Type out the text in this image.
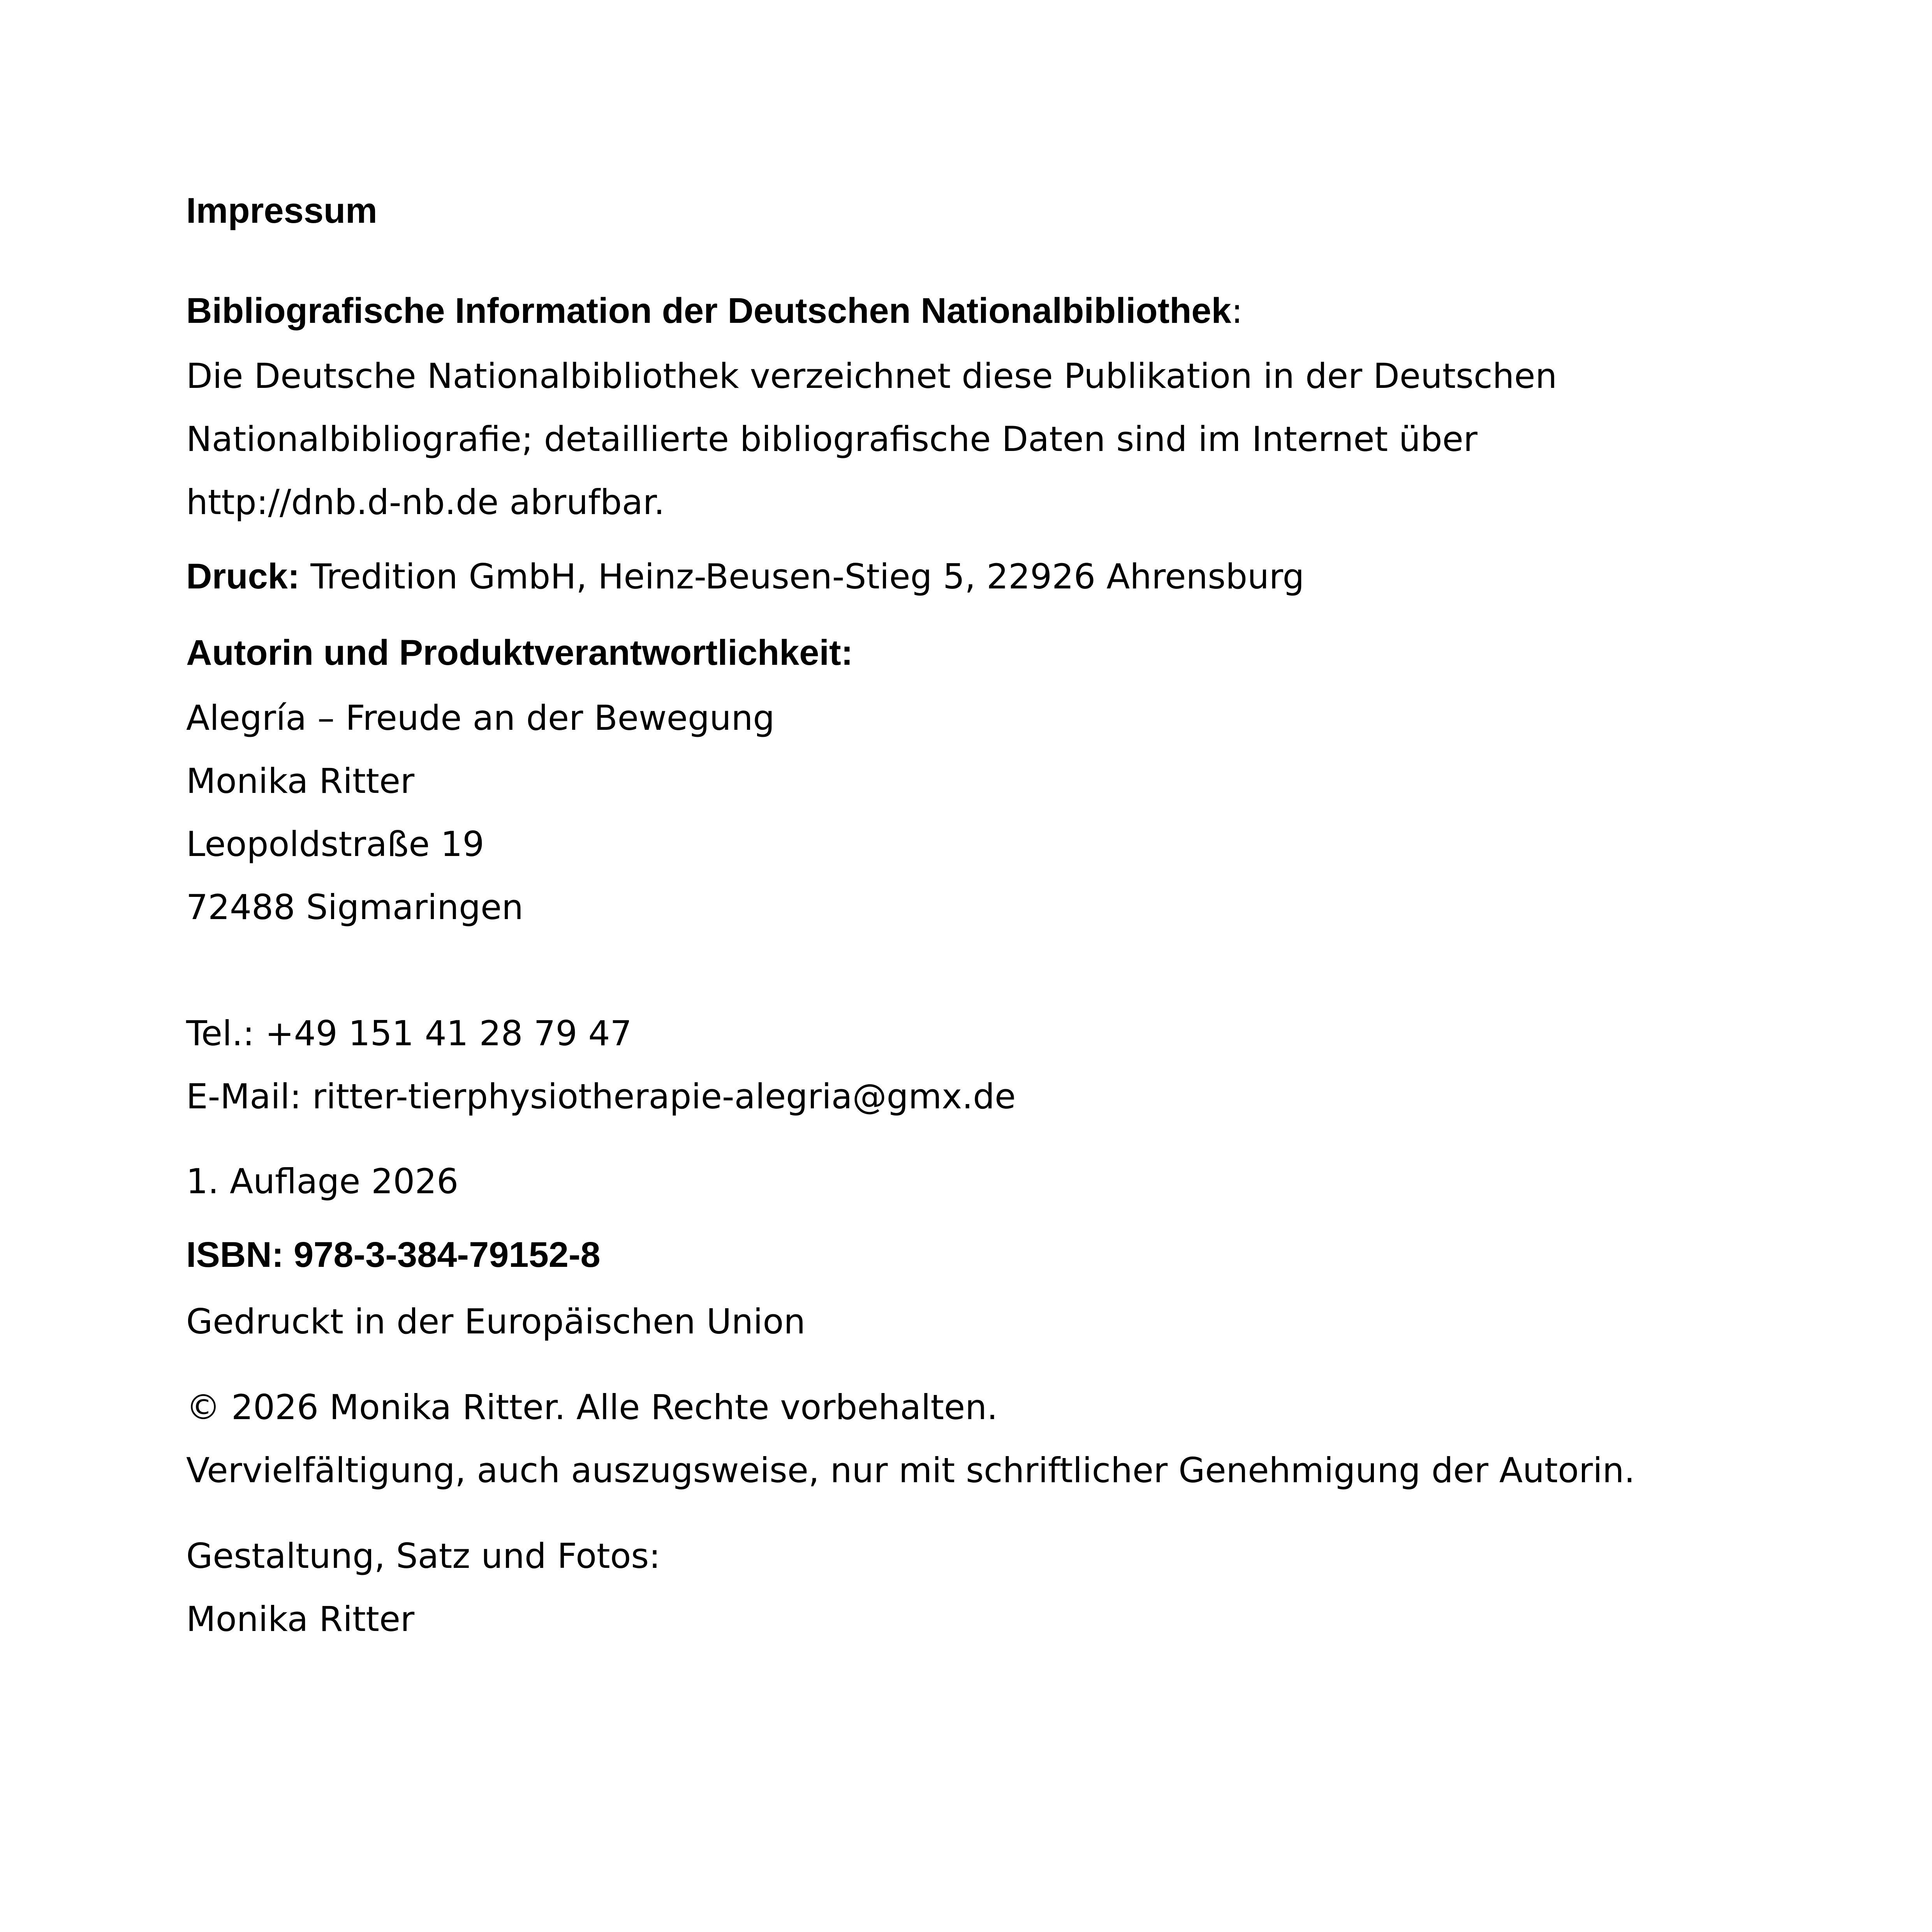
Impressum
Bibliografische Information der Deutschen Nationalbibliothek:
Die Deutsche Nationalbibliothek verzeichnet diese Publikation in der Deutschen
Nationalbibliografie; detaillierte bibliografische Daten sind im Internet über
http://dnb.d-nb.de abrufbar.
Druck: Tredition GmbH, Heinz-Beusen-Stieg 5, 22926 Ahrensburg
Autorin und Produktverantwortlichkeit:
Alegría – Freude an der Bewegung
Monika Ritter
Leopoldstraße 19
72488 Sigmaringen
Tel.: +49 151 41 28 79 47
E-Mail: ritter-tierphysiotherapie-alegria@gmx.de
1. Auflage 2026
ISBN: 978-3-384-79152-8
Gedruckt in der Europäischen Union
© 2026 Monika Ritter. Alle Rechte vorbehalten.
Vervielfältigung, auch auszugsweise, nur mit schriftlicher Genehmigung der Autorin.
Gestaltung, Satz und Fotos:
Monika Ritter
